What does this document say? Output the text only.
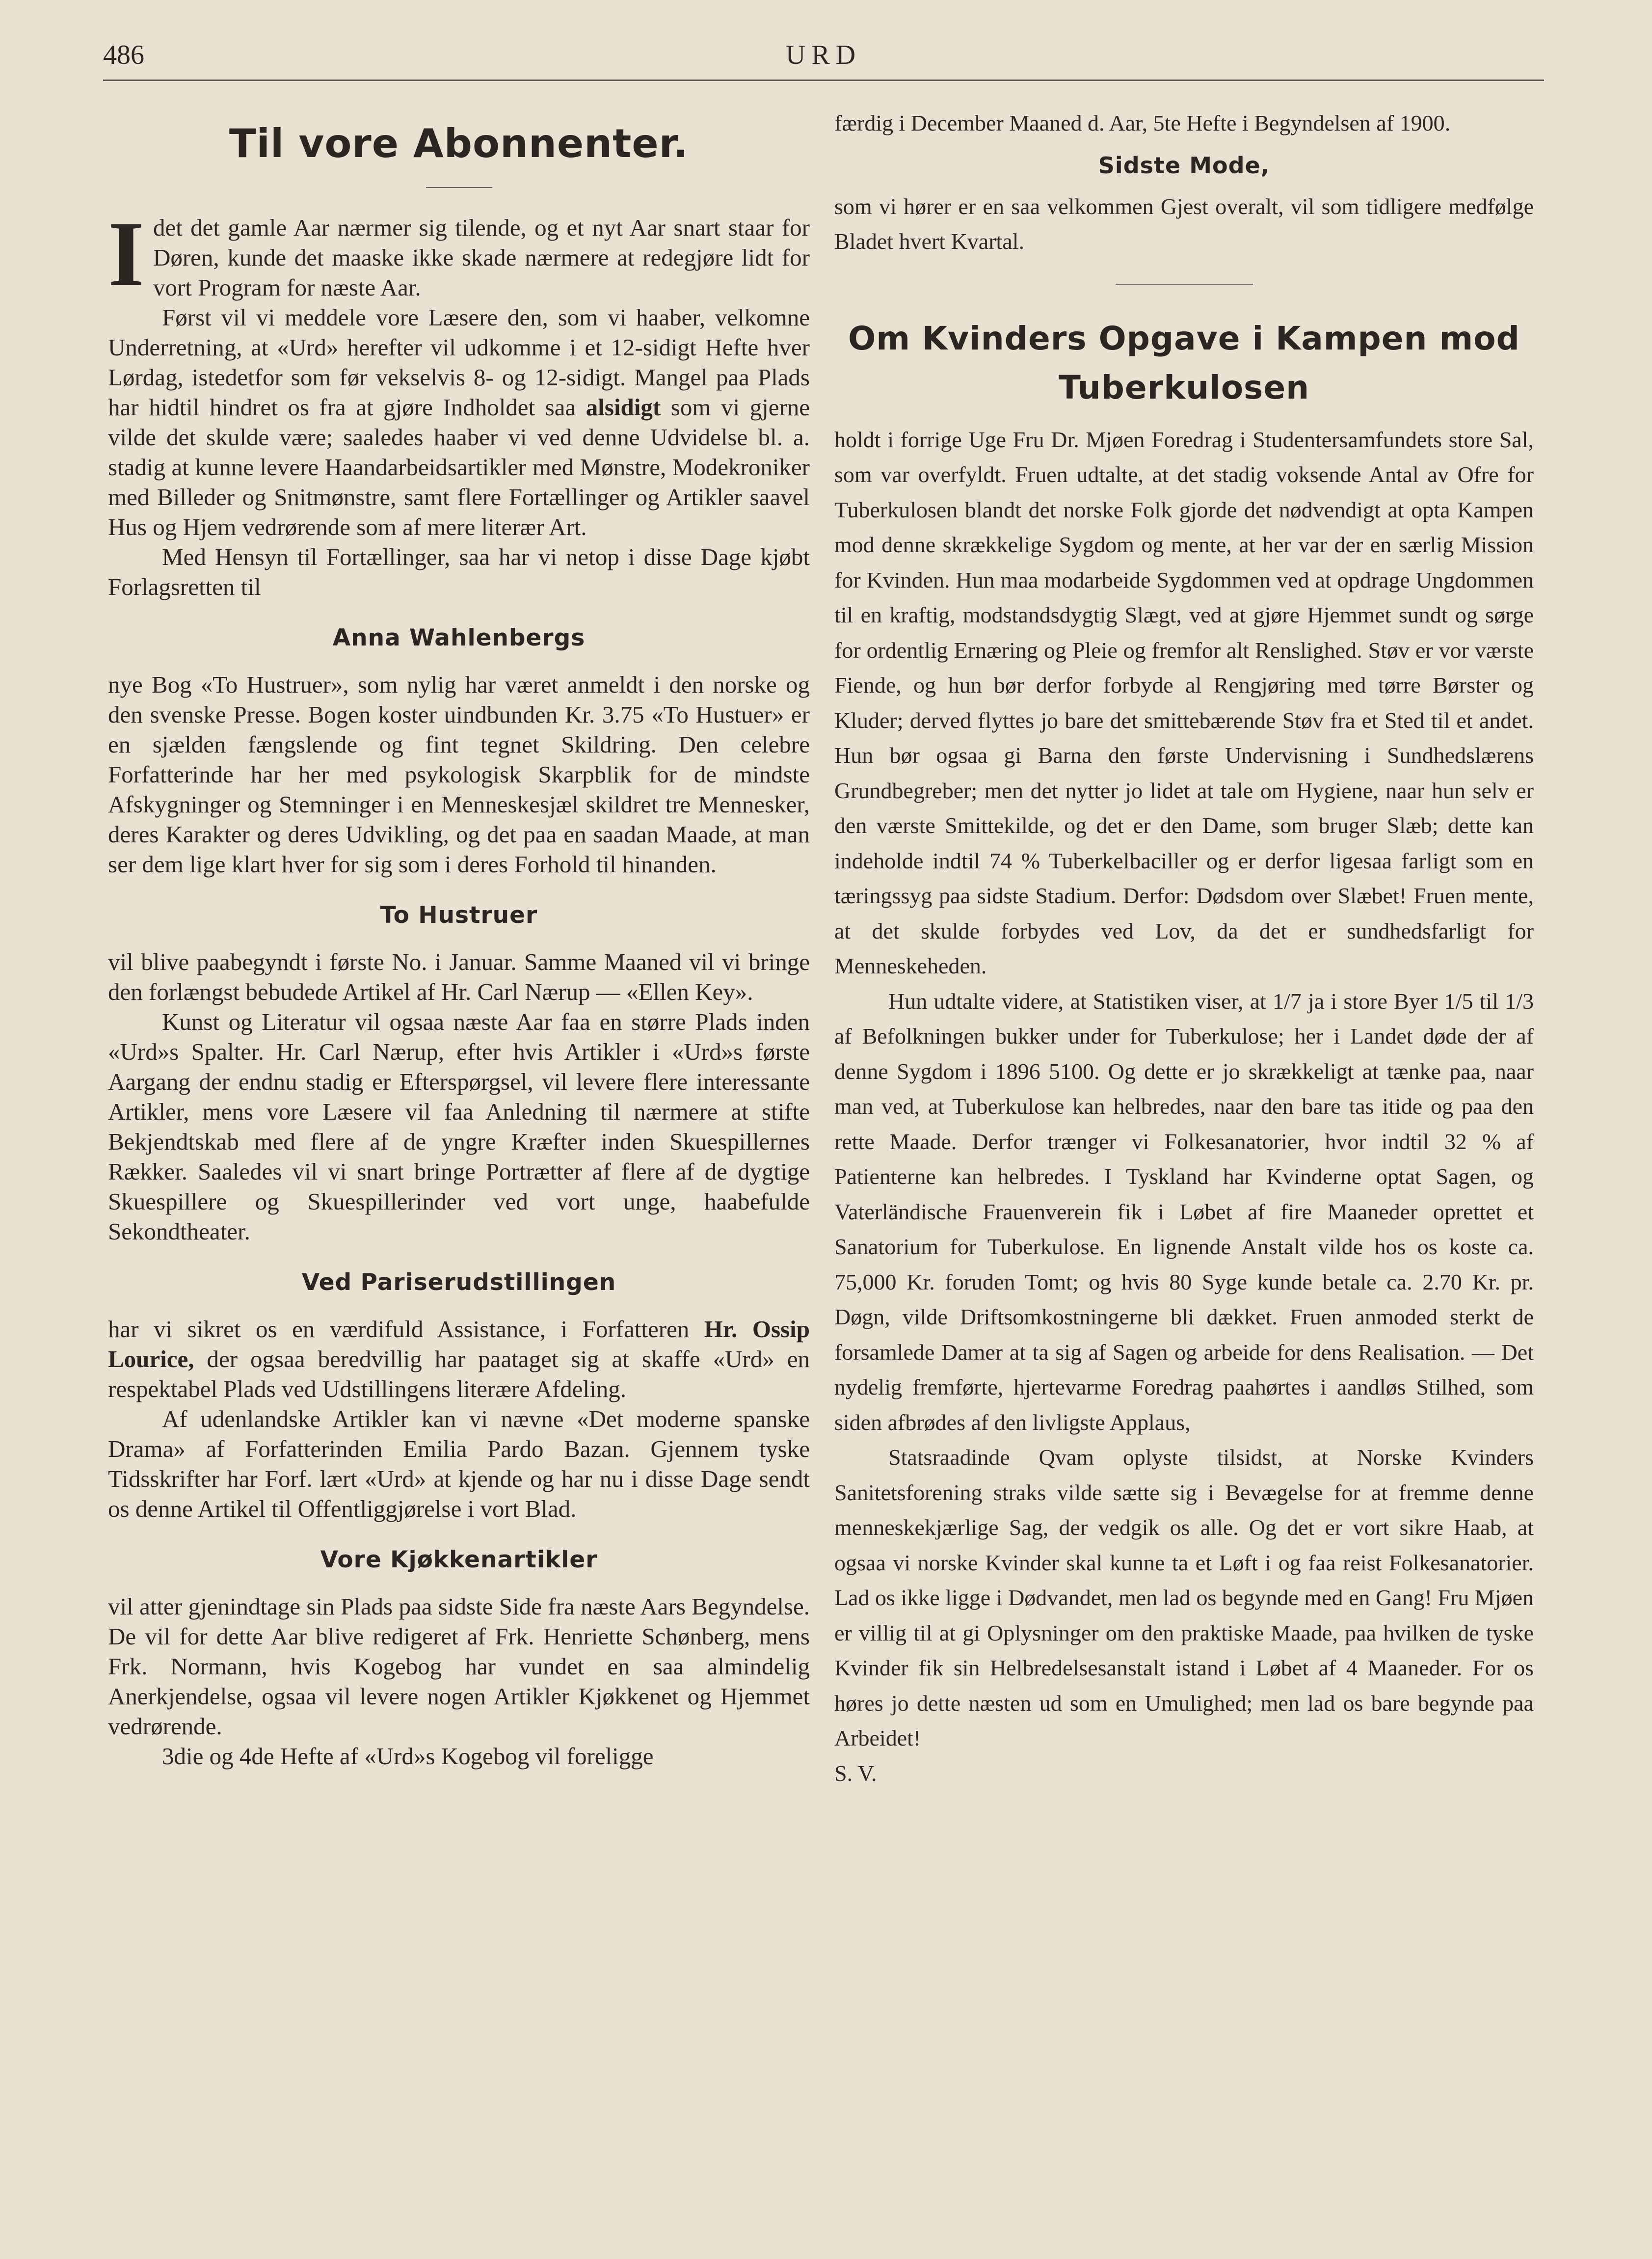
486	URD
Til vore Abonnenter.

Idet det gamle Aar nærmer sig tilende, og et nyt Aar snart staar for Døren, kunde det maaske ikke skade nærmere at redegjøre lidt for vort Program for næste Aar.

Først vil vi meddele vore Læsere den, som vi haaber, velkomne Underretning, at «Urd» herefter vil udkomme i et 12-sidigt Hefte hver Lørdag, istedetfor som før vekselvis 8- og 12-sidigt. Mangel paa Plads har hidtil hindret os fra at gjøre Indholdet saa alsidigt som vi gjerne vilde det skulde være; saaledes haaber vi ved denne Udvidelse bl. a. stadig at kunne levere Haandarbeidsartikler med Mønstre, Modekroniker med Billeder og Snitmønstre, samt flere Fortællinger og Artikler saavel Hus og Hjem vedrørende som af mere literær Art.

Med Hensyn til Fortællinger, saa har vi netop i disse Dage kjøbt Forlagsretten til

Anna Wahlenbergs

nye Bog «To Hustruer», som nylig har været anmeldt i den norske og den svenske Presse. Bogen koster uindbunden Kr. 3.75 «To Hustuer» er en sjælden fængslende og fint tegnet Skildring. Den celebre Forfatterinde har her med psykologisk Skarpblik for de mindste Afskygninger og Stemninger i en Menneskesjæl skildret tre Mennesker, deres Karakter og deres Udvikling, og det paa en saadan Maade, at man ser dem lige klart hver for sig som i deres Forhold til hinanden.

To Hustruer

vil blive paabegyndt i første No. i Januar. Samme Maaned vil vi bringe den forlængst bebudede Artikel af Hr. Carl Nærup — «Ellen Key».

Kunst og Literatur vil ogsaa næste Aar faa en større Plads inden «Urd»s Spalter. Hr. Carl Nærup, efter hvis Artikler i «Urd»s første Aargang der endnu stadig er Efterspørgsel, vil levere flere interessante Artikler, mens vore Læsere vil faa Anledning til nærmere at stifte Bekjendtskab med flere af de yngre Kræfter inden Skuespillernes Rækker. Saaledes vil vi snart bringe Portrætter af flere af de dygtige Skuespillere og Skuespillerinder ved vort unge, haabefulde Sekondtheater.

Ved Pariserudstillingen

har vi sikret os en værdifuld Assistance, i Forfatteren Hr. Ossip Lourice, der ogsaa beredvillig har paataget sig at skaffe «Urd» en respektabel Plads ved Udstillingens literære Afdeling.

Af udenlandske Artikler kan vi nævne «Det moderne spanske Drama» af Forfatterinden Emilia Pardo Bazan. Gjennem tyske Tidsskrifter har Forf. lært «Urd» at kjende og har nu i disse Dage sendt os denne Artikel til Offentliggjørelse i vort Blad.

Vore Kjøkkenartikler

vil atter gjenindtage sin Plads paa sidste Side fra næste Aars Begyndelse. De vil for dette Aar blive redigeret af Frk. Henriette Schønberg, mens Frk. Normann, hvis Kogebog har vundet en saa almindelig Anerkjendelse, ogsaa vil levere nogen Artikler Kjøkkenet og Hjemmet vedrørende.

3die og 4de Hefte af «Urd»s Kogebog vil foreligge

færdig i December Maaned d. Aar, 5te Hefte i Begyndelsen af 1900.

Sidste Mode,

som vi hører er en saa velkommen Gjest overalt, vil som tidligere medfølge Bladet hvert Kvartal.

Om Kvinders Opgave i Kampen mod Tuberkulosen

holdt i forrige Uge Fru Dr. Mjøen Foredrag i Studentersamfundets store Sal, som var overfyldt. Fruen udtalte, at det stadig voksende Antal av Ofre for Tuberkulosen blandt det norske Folk gjorde det nødvendigt at opta Kampen mod denne skrækkelige Sygdom og mente, at her var der en særlig Mission for Kvinden. Hun maa modarbeide Sygdommen ved at opdrage Ungdommen til en kraftig, modstandsdygtig Slægt, ved at gjøre Hjemmet sundt og sørge for ordentlig Ernæring og Pleie og fremfor alt Renslighed. Støv er vor værste Fiende, og hun bør derfor forbyde al Rengjøring med tørre Børster og Kluder; derved flyttes jo bare det smittebærende Støv fra et Sted til et andet. Hun bør ogsaa gi Barna den første Undervisning i Sundhedslærens Grundbegreber; men det nytter jo lidet at tale om Hygiene, naar hun selv er den værste Smittekilde, og det er den Dame, som bruger Slæb; dette kan indeholde indtil 74 % Tuberkelbaciller og er derfor ligesaa farligt som en tæringssyg paa sidste Stadium. Derfor: Dødsdom over Slæbet! Fruen mente, at det skulde forbydes ved Lov, da det er sundhedsfarligt for Menneskeheden.

Hun udtalte videre, at Statistiken viser, at 1/7 ja i store Byer 1/5 til 1/3 af Befolkningen bukker under for Tuberkulose; her i Landet døde der af denne Sygdom i 1896 5100. Og dette er jo skrækkeligt at tænke paa, naar man ved, at Tuberkulose kan helbredes, naar den bare tas itide og paa den rette Maade. Derfor trænger vi Folkesanatorier, hvor indtil 32 % af Patienterne kan helbredes. I Tyskland har Kvinderne optat Sagen, og Vaterländische Frauenverein fik i Løbet af fire Maaneder oprettet et Sanatorium for Tuberkulose. En lignende Anstalt vilde hos os koste ca. 75,000 Kr. foruden Tomt; og hvis 80 Syge kunde betale ca. 2.70 Kr. pr. Døgn, vilde Driftsomkostningerne bli dækket. Fruen anmoded sterkt de forsamlede Damer at ta sig af Sagen og arbeide for dens Realisation. — Det nydelig fremførte, hjertevarme Foredrag paahørtes i aandløs Stilhed, som siden afbrødes af den livligste Applaus,

Statsraadinde Qvam oplyste tilsidst, at Norske Kvinders Sanitetsforening straks vilde sætte sig i Bevægelse for at fremme denne menneskekjærlige Sag, der vedgik os alle. Og det er vort sikre Haab, at ogsaa vi norske Kvinder skal kunne ta et Løft i og faa reist Folkesanatorier. Lad os ikke ligge i Dødvandet, men lad os begynde med en Gang! Fru Mjøen er villig til at gi Oplysninger om den praktiske Maade, paa hvilken de tyske Kvinder fik sin Helbredelsesanstalt istand i Løbet af 4 Maaneder. For os høres jo dette næsten ud som en Umulighed; men lad os bare begynde paa Arbeidet!

S. V.
